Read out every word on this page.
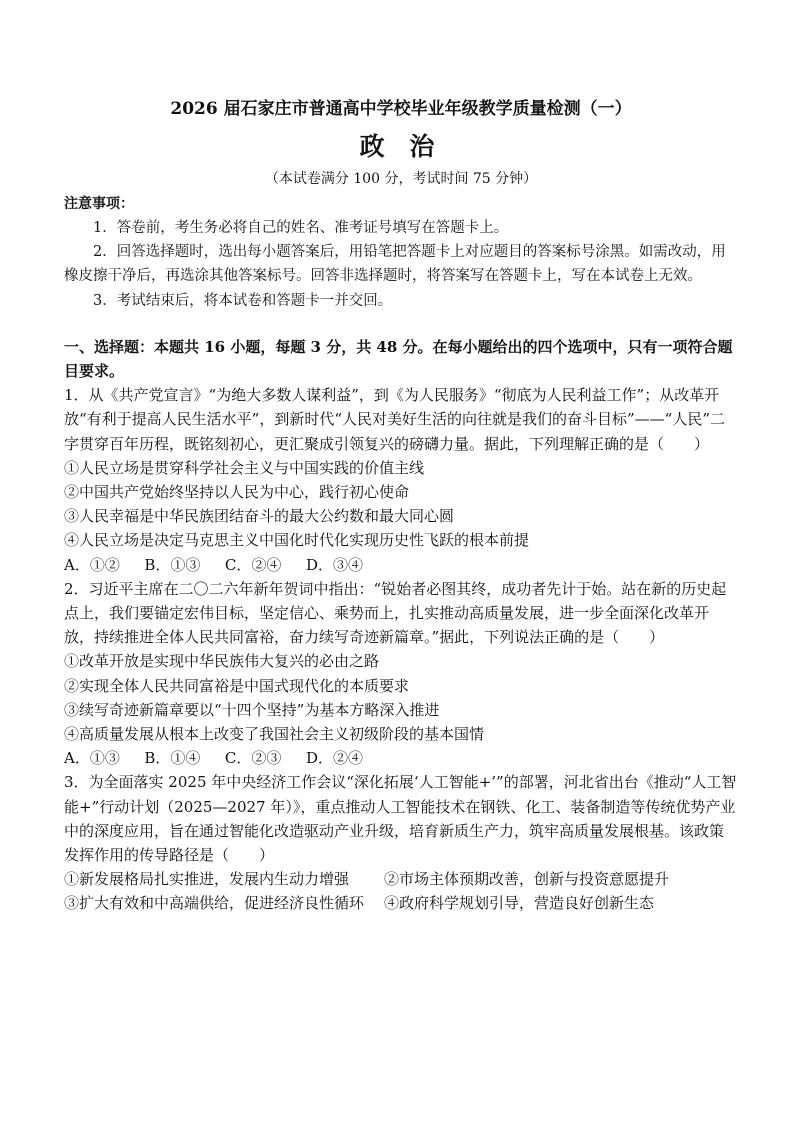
2026 届石家庄市普通高中学校毕业年级教学质量检测（一）
政 治
（本试卷满分 100 分，考试时间 75 分钟）
注意事项：

1．答卷前，考生务必将自己的姓名、准考证号填写在答题卡上。

2．回答选择题时，选出每小题答案后，用铅笔把答题卡上对应题目的答案标号涂黑。如需改动，用橡皮擦干净后，再选涂其他答案标号。回答非选择题时，将答案写在答题卡上，写在本试卷上无效。

3．考试结束后，将本试卷和答题卡一并交回。

一、选择题：本题共 16 小题，每题 3 分，共 48 分。在每小题给出的四个选项中，只有一项符合题目要求。

1．从《共产党宣言》“为绝大多数人谋利益”，到《为人民服务》“彻底为人民利益工作”；从改革开放“有利于提高人民生活水平”，到新时代“人民对美好生活的向往就是我们的奋斗目标”——“人民”二字贯穿百年历程，既铭刻初心，更汇聚成引领复兴的磅礴力量。据此，下列理解正确的是（　　）

①人民立场是贯穿科学社会主义与中国实践的价值主线

②中国共产党始终坚持以人民为中心，践行初心使命

③人民幸福是中华民族团结奋斗的最大公约数和最大同心圆

④人民立场是决定马克思主义中国化时代化实现历史性飞跃的根本前提

A．①②　  B．①③　  C．②④　  D．③④

2．习近平主席在二〇二六年新年贺词中指出：“锐始者必图其终，成功者先计于始。站在新的历史起点上，我们要锚定宏伟目标，坚定信心、乘势而上，扎实推动高质量发展，进一步全面深化改革开放，持续推进全体人民共同富裕，奋力续写奇迹新篇章。”据此，下列说法正确的是（　　）

①改革开放是实现中华民族伟大复兴的必由之路

②实现全体人民共同富裕是中国式现代化的本质要求

③续写奇迹新篇章要以“十四个坚持”为基本方略深入推进

④高质量发展从根本上改变了我国社会主义初级阶段的基本国情

A．①③　  B．①④　  C．②③　  D．②④

3．为全面落实 2025 年中央经济工作会议“深化拓展‘人工智能+’”的部署，河北省出台《推动“人工智能+”行动计划（2025—2027 年）》，重点推动人工智能技术在钢铁、化工、装备制造等传统优势产业中的深度应用，旨在通过智能化改造驱动产业升级，培育新质生产力，筑牢高质量发展根基。该政策发挥作用的传导路径是（　　）

①新发展格局扎实推进，发展内生动力增强	②市场主体预期改善，创新与投资意愿提升
③扩大有效和中高端供给，促进经济良性循环	④政府科学规划引导，营造良好创新生态
